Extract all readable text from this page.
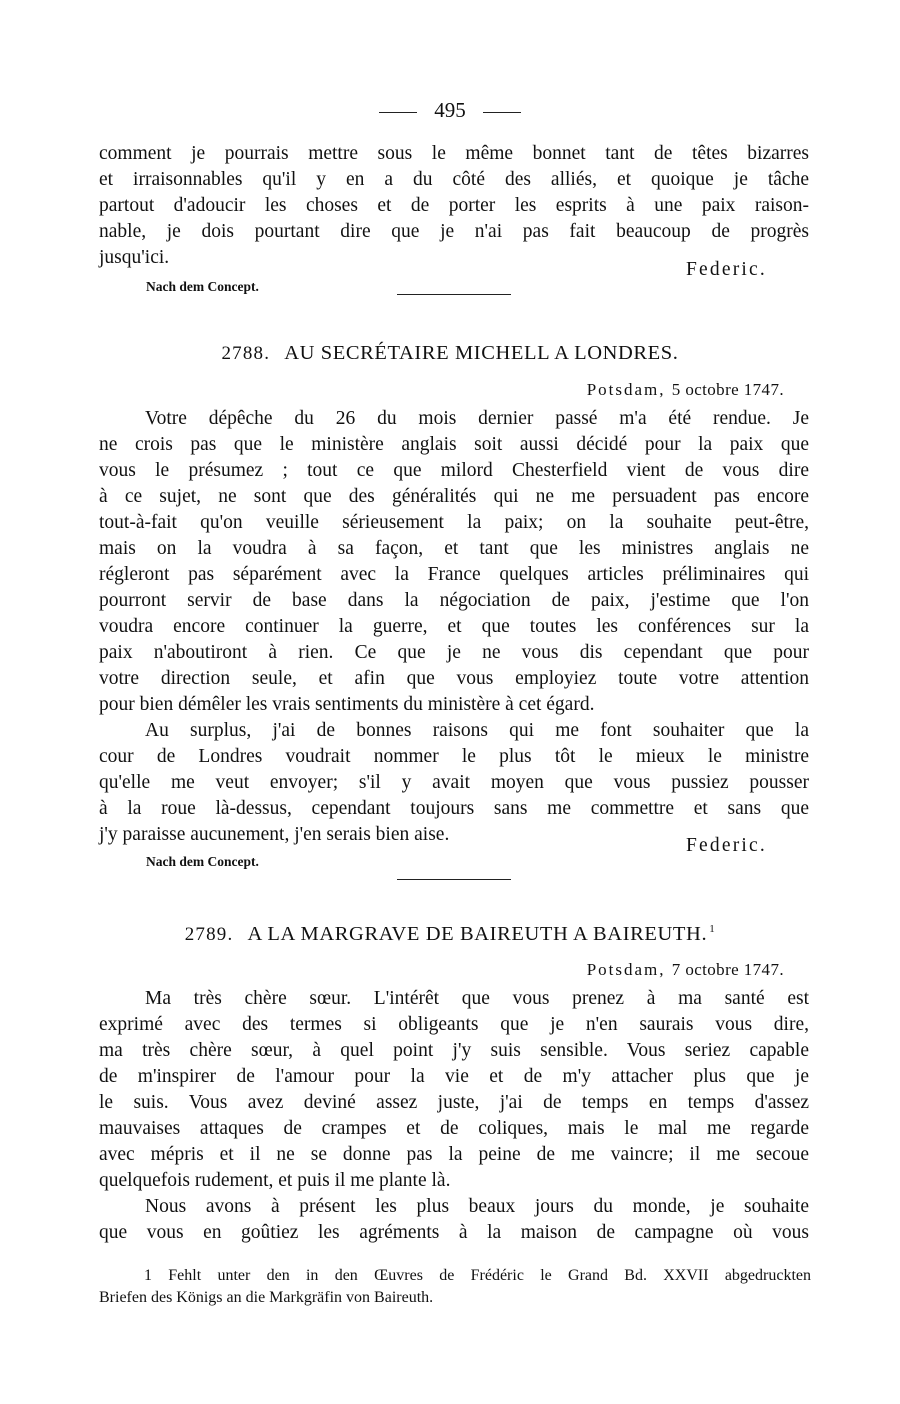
495
comment je pourrais mettre sous le même bonnet tant de têtes bizarres
et irraisonnables qu'il y en a du côté des alliés, et quoique je tâche
partout d'adoucir les choses et de porter les esprits à une paix raison-
nable, je dois pourtant dire que je n'ai pas fait beaucoup de progrès
jusqu'ici.
Federic.
Nach dem Concept.
2788. AU SECRÉTAIRE MICHELL A LONDRES.
Potsdam, 5 octobre 1747.
Votre dépêche du 26 du mois dernier passé m'a été rendue. Je
ne crois pas que le ministère anglais soit aussi décidé pour la paix que
vous le présumez ; tout ce que milord Chesterfield vient de vous dire
à ce sujet, ne sont que des généralités qui ne me persuadent pas encore
tout-à-fait qu'on veuille sérieusement la paix; on la souhaite peut-être,
mais on la voudra à sa façon, et tant que les ministres anglais ne
régleront pas séparément avec la France quelques articles préliminaires qui
pourront servir de base dans la négociation de paix, j'estime que l'on
voudra encore continuer la guerre, et que toutes les conférences sur la
paix n'aboutiront à rien. Ce que je ne vous dis cependant que pour
votre direction seule, et afin que vous employiez toute votre attention
pour bien démêler les vrais sentiments du ministère à cet égard.
Au surplus, j'ai de bonnes raisons qui me font souhaiter que la
cour de Londres voudrait nommer le plus tôt le mieux le ministre
qu'elle me veut envoyer; s'il y avait moyen que vous pussiez pousser
à la roue là-dessus, cependant toujours sans me commettre et sans que
j'y paraisse aucunement, j'en serais bien aise.
Federic.
Nach dem Concept.
2789. A LA MARGRAVE DE BAIREUTH A BAIREUTH. $^1$
Potsdam, 7 octobre 1747.
Ma très chère sœur. L'intérêt que vous prenez à ma santé est
exprimé avec des termes si obligeants que je n'en saurais vous dire,
ma très chère sœur, à quel point j'y suis sensible. Vous seriez capable
de m'inspirer de l'amour pour la vie et de m'y attacher plus que je
le suis. Vous avez deviné assez juste, j'ai de temps en temps d'assez
mauvaises attaques de crampes et de coliques, mais le mal me regarde
avec mépris et il ne se donne pas la peine de me vaincre; il me secoue
quelquefois rudement, et puis il me plante là.
Nous avons à présent les plus beaux jours du monde, je souhaite
que vous en goûtiez les agréments à la maison de campagne où vous
1 Fehlt unter den in den Œuvres de Frédéric le Grand Bd. XXVII abgedruckten
Briefen des Königs an die Markgräfin von Baireuth.
